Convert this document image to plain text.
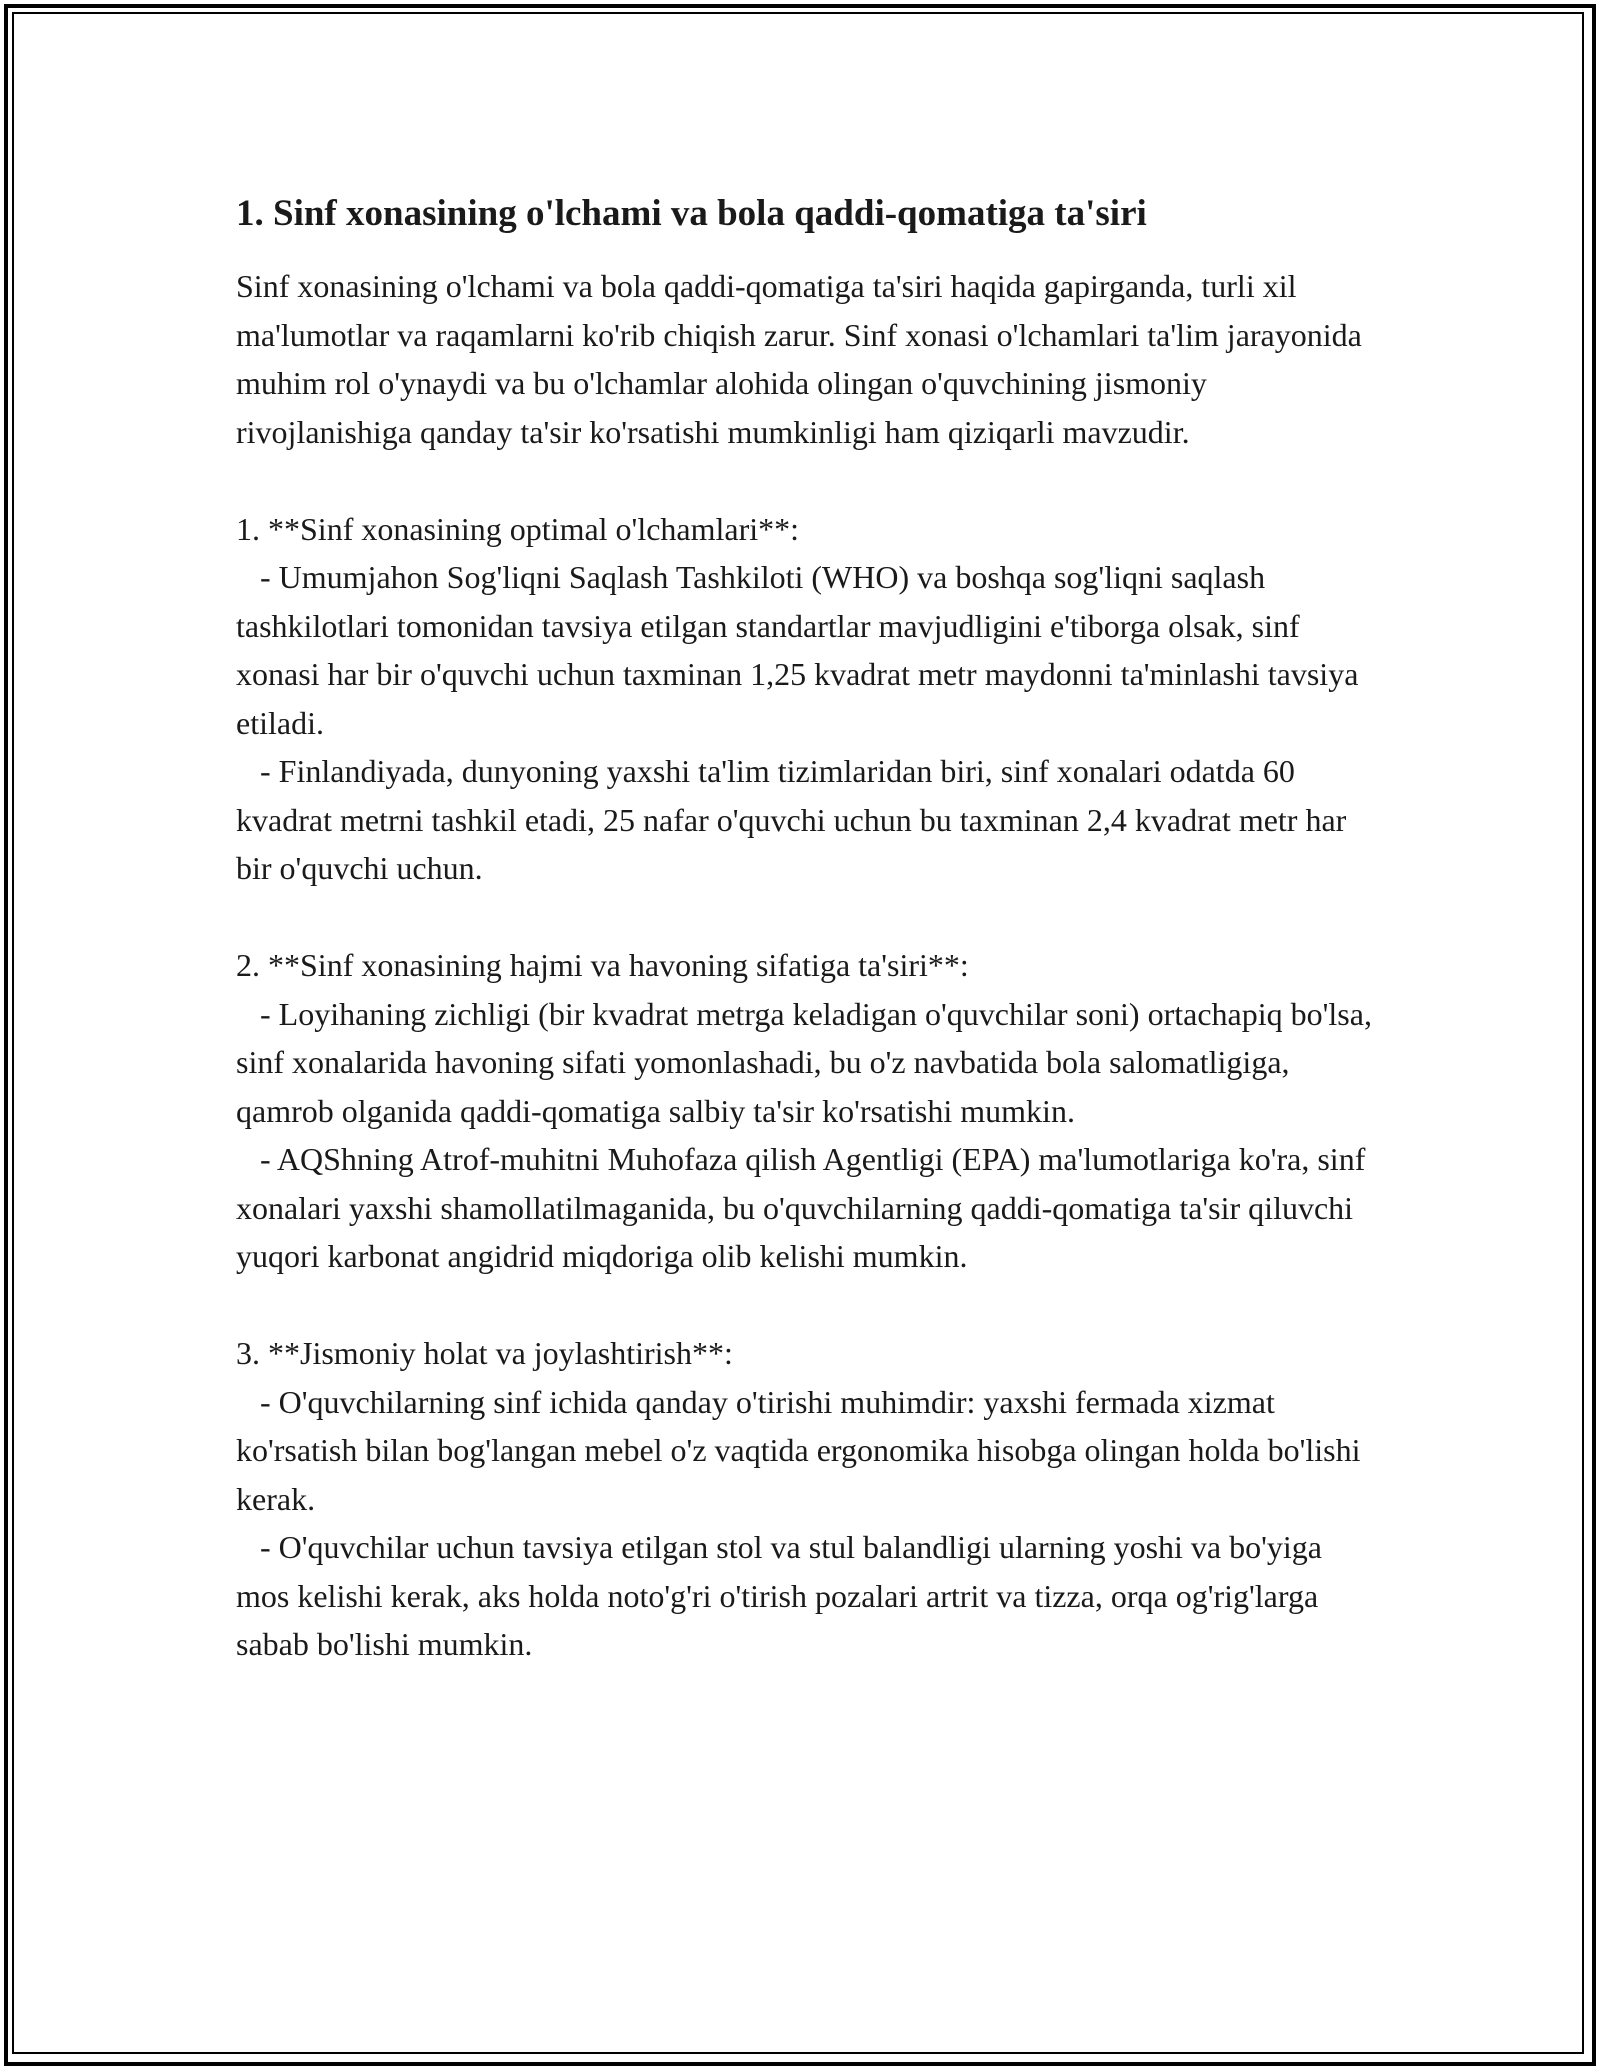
1. Sinf xonasining o'lchami va bola qaddi-qomatiga ta'siri

Sinf xonasining o'lchami va bola qaddi-qomatiga ta'siri haqida gapirganda, turli xil ma'lumotlar va raqamlarni ko'rib chiqish zarur. Sinf xonasi o'lchamlari ta'lim jarayonida muhim rol o'ynaydi va bu o'lchamlar alohida olingan o'quvchining jismoniy rivojlanishiga qanday ta'sir ko'rsatishi mumkinligi ham qiziqarli mavzudir.

1. **Sinf xonasining optimal o'lchamlari**:

- Umumjahon Sog'liqni Saqlash Tashkiloti (WHO) va boshqa sog'liqni saqlash tashkilotlari tomonidan tavsiya etilgan standartlar mavjudligini e'tiborga olsak, sinf xonasi har bir o'quvchi uchun taxminan 1,25 kvadrat metr maydonni ta'minlashi tavsiya etiladi.

- Finlandiyada, dunyoning yaxshi ta'lim tizimlaridan biri, sinf xonalari odatda 60 kvadrat metrni tashkil etadi, 25 nafar o'quvchi uchun bu taxminan 2,4 kvadrat metr har bir o'quvchi uchun.

2. **Sinf xonasining hajmi va havoning sifatiga ta'siri**:

- Loyihaning zichligi (bir kvadrat metrga keladigan o'quvchilar soni) ortachapiq bo'lsa, sinf xonalarida havoning sifati yomonlashadi, bu o'z navbatida bola salomatligiga, qamrob olganida qaddi-qomatiga salbiy ta'sir ko'rsatishi mumkin.

- AQShning Atrof-muhitni Muhofaza qilish Agentligi (EPA) ma'lumotlariga ko'ra, sinf xonalari yaxshi shamollatilmaganida, bu o'quvchilarning qaddi-qomatiga ta'sir qiluvchi yuqori karbonat angidrid miqdoriga olib kelishi mumkin.

3. **Jismoniy holat va joylashtirish**:

- O'quvchilarning sinf ichida qanday o'tirishi muhimdir: yaxshi fermada xizmat ko'rsatish bilan bog'langan mebel o'z vaqtida ergonomika hisobga olingan holda bo'lishi kerak.

- O'quvchilar uchun tavsiya etilgan stol va stul balandligi ularning yoshi va bo'yiga mos kelishi kerak, aks holda noto'g'ri o'tirish pozalari artrit va tizza, orqa og'rig'larga sabab bo'lishi mumkin.
